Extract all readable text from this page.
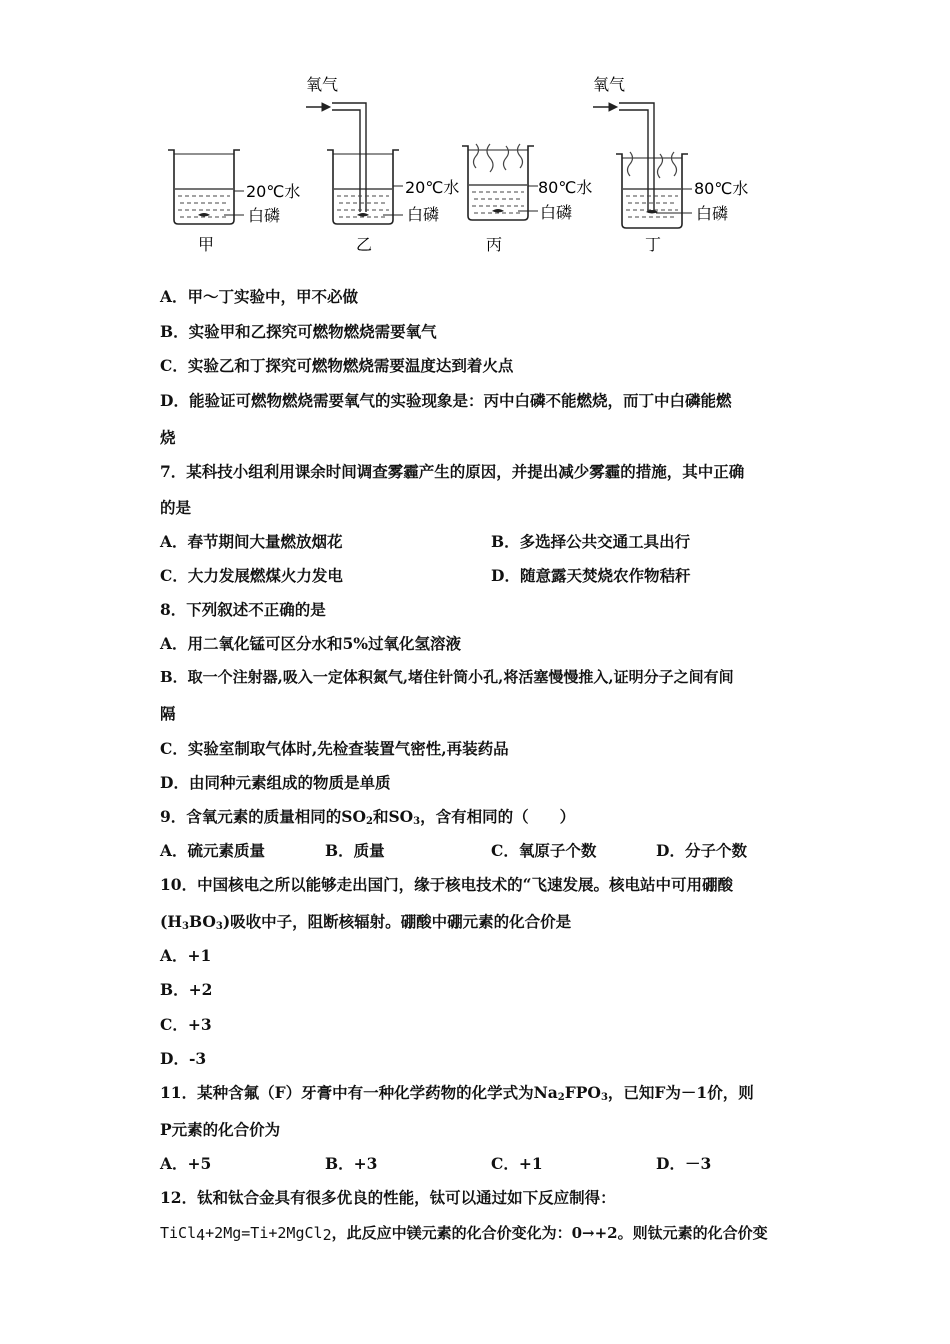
20℃水
白磷
甲
氧气
20℃水
白磷
乙
80℃水
白磷
丙
氧气
80℃水
白磷
丁
A．甲～丁实验中，甲不必做
B．实验甲和乙探究可燃物燃烧需要氧气
C．实验乙和丁探究可燃物燃烧需要温度达到着火点
D．能验证可燃物燃烧需要氧气的实验现象是：丙中白磷不能燃烧，而丁中白磷能燃
烧
7．某科技小组利用课余时间调查雾霾产生的原因，并提出减少雾霾的措施，其中正确
的是
A．春节期间大量燃放烟花	B．多选择公共交通工具出行
C．大力发展燃煤火力发电	D．随意露天焚烧农作物秸秆
8．下列叙述不正确的是
A．用二氧化锰可区分水和5%过氧化氢溶液
B．取一个注射器,吸入一定体积氮气,堵住针筒小孔,将活塞慢慢推入,证明分子之间有间
隔
C．实验室制取气体时,先检查装置气密性,再装药品
D．由同种元素组成的物质是单质
9．含氧元素的质量相同的$SO_2$和$SO_3$，含有相同的（　　）
A．硫元素质量	B．质量	C．氧原子个数	D．分子个数
10．中国核电之所以能够走出国门，缘于核电技术的“飞速发展。核电站中可用硼酸
$(H_3BO_3)$吸收中子，阻断核辐射。硼酸中硼元素的化合价是
A．+1
B．+2
C．+3
D．-3
11．某种含氟（F）牙膏中有一种化学药物的化学式为$Na_2FPO_3$，已知F为－1价，则
P元素的化合价为
A．+5	B．+3	C．+1	D．－3
12．钛和钛合金具有很多优良的性能，钛可以通过如下反应制得：
TiCl$_4$+2Mg=Ti+2MgCl$_2$，此反应中镁元素的化合价变化为：0→+2。则钛元素的化合价变
